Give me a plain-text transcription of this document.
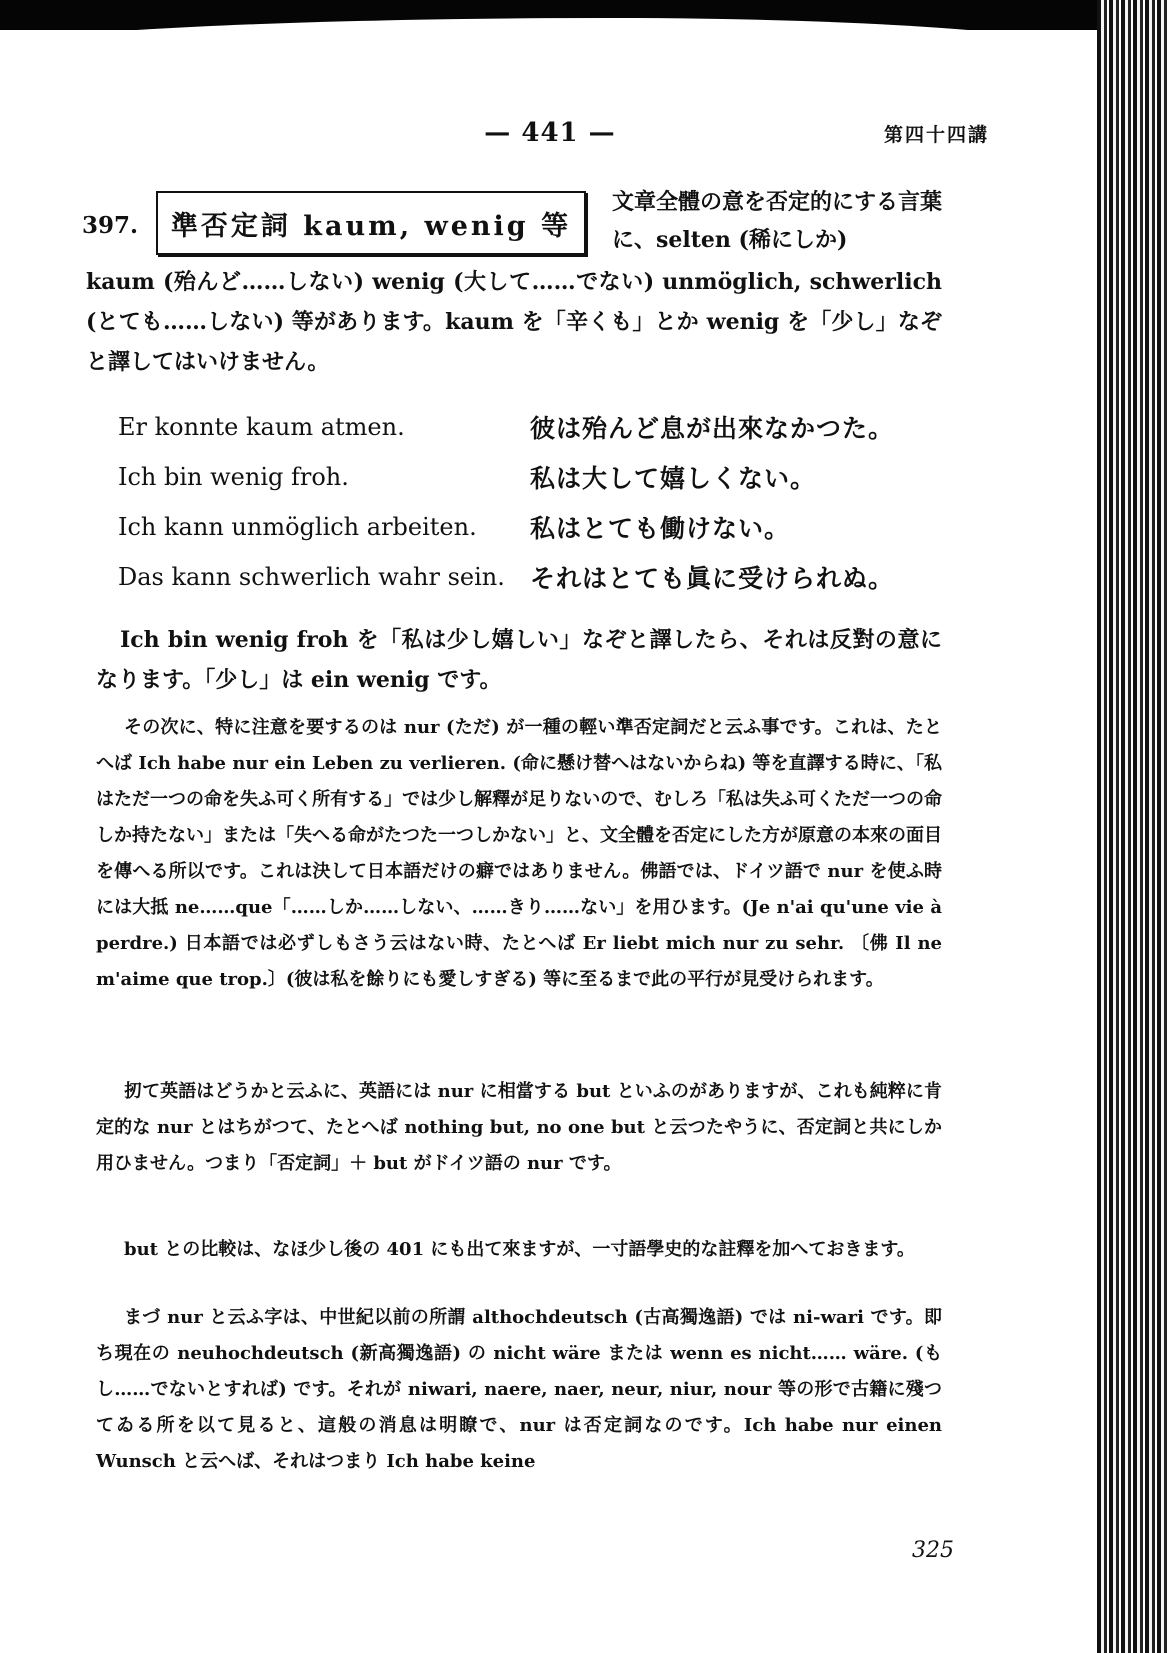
— 441 —	第四十四講
397. 準否定詞 kaum, wenig 等
文章全體の意を否定的にする言葉に、selten (稀にしか)
kaum (殆んど……しない) wenig (大して……でない) unmöglich, schwerlich (とても……しない) 等があります。kaum を「辛くも」とか wenig を「少し」なぞと譯してはいけません。
Er konnte kaum atmen.	彼は殆んど息が出來なかつた。
Ich bin wenig froh.	私は大して嬉しくない。
Ich kann unmöglich arbeiten.	私はとても働けない。
Das kann schwerlich wahr sein.	それはとても眞に受けられぬ。
Ich bin wenig froh を「私は少し嬉しい」なぞと譯したら、それは反對の意になります。「少し」は ein wenig です。
その次に、特に注意を要するのは nur (ただ) が一種の輕い準否定詞だと云ふ事です。これは、たとへば Ich habe nur ein Leben zu verlieren. (命に懸け替へはないからね) 等を直譯する時に、「私はただ一つの命を失ふ可く所有する」では少し解釋が足りないので、むしろ「私は失ふ可くただ一つの命しか持たない」または「失へる命がたつた一つしかない」と、文全體を否定にした方が原意の本來の面目を傳へる所以です。これは決して日本語だけの癖ではありません。佛語では、ドイツ語で nur を使ふ時には大抵 ne……que「……しか……しない、……きり……ない」を用ひます。(Je n'ai qu'une vie à perdre.) 日本語では必ずしもさう云はない時、たとへば Er liebt mich nur zu sehr. 〔佛 Il ne m'aime que trop.〕(彼は私を餘りにも愛しすぎる) 等に至るまで此の平行が見受けられます。
扨て英語はどうかと云ふに、英語には nur に相當する but といふのがありますが、これも純粹に肯定的な nur とはちがつて、たとへば nothing but, no one but と云つたやうに、否定詞と共にしか用ひません。つまり「否定詞」＋ but がドイツ語の nur です。
but との比較は、なほ少し後の 401 にも出て來ますが、一寸語學史的な註釋を加へておきます。
まづ nur と云ふ字は、中世紀以前の所謂 althochdeutsch (古高獨逸語) では ni-wari です。即ち現在の neuhochdeutsch (新高獨逸語) の nicht wäre または wenn es nicht…… wäre. (もし……でないとすれば) です。それが niwari, naere, naer, neur, niur, nour 等の形で古籍に殘つてゐる所を以て見ると、這般の消息は明瞭で、nur は否定詞なのです。Ich habe nur einen Wunsch と云へば、それはつまり Ich habe keine
325
